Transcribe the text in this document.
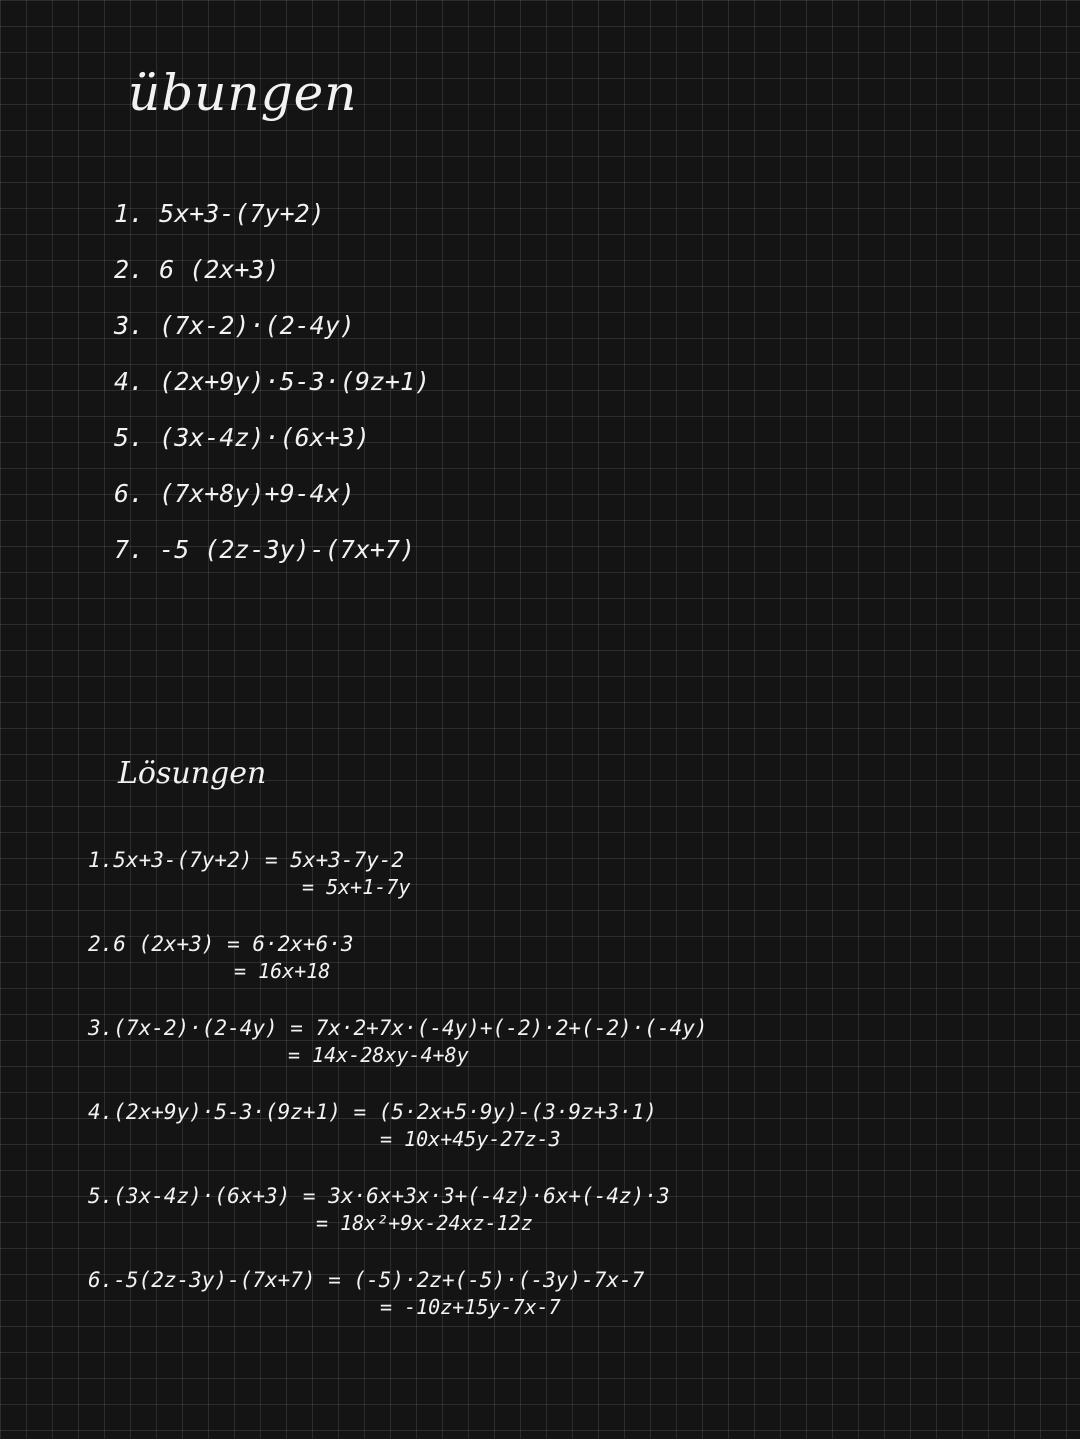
übungen
1. 5x+3-(7y+2)
2. 6 (2x+3)
3. (7x-2)·(2-4y)
4. (2x+9y)·5-3·(9z+1)
5. (3x-4z)·(6x+3)
6. (7x+8y)+9-4x)
7. -5 (2z-3y)-(7x+7)
Lösungen
1.5x+3-(7y+2) = 5x+3-7y-2
= 5x+1-7y
2.6 (2x+3) = 6·2x+6·3
= 16x+18
3.(7x-2)·(2-4y) = 7x·2+7x·(-4y)+(-2)·2+(-2)·(-4y)
= 14x-28xy-4+8y
4.(2x+9y)·5-3·(9z+1) = (5·2x+5·9y)-(3·9z+3·1)
= 10x+45y-27z-3
5.(3x-4z)·(6x+3) = 3x·6x+3x·3+(-4z)·6x+(-4z)·3
= 18x²+9x-24xz-12z
6.-5(2z-3y)-(7x+7) = (-5)·2z+(-5)·(-3y)-7x-7
= -10z+15y-7x-7
